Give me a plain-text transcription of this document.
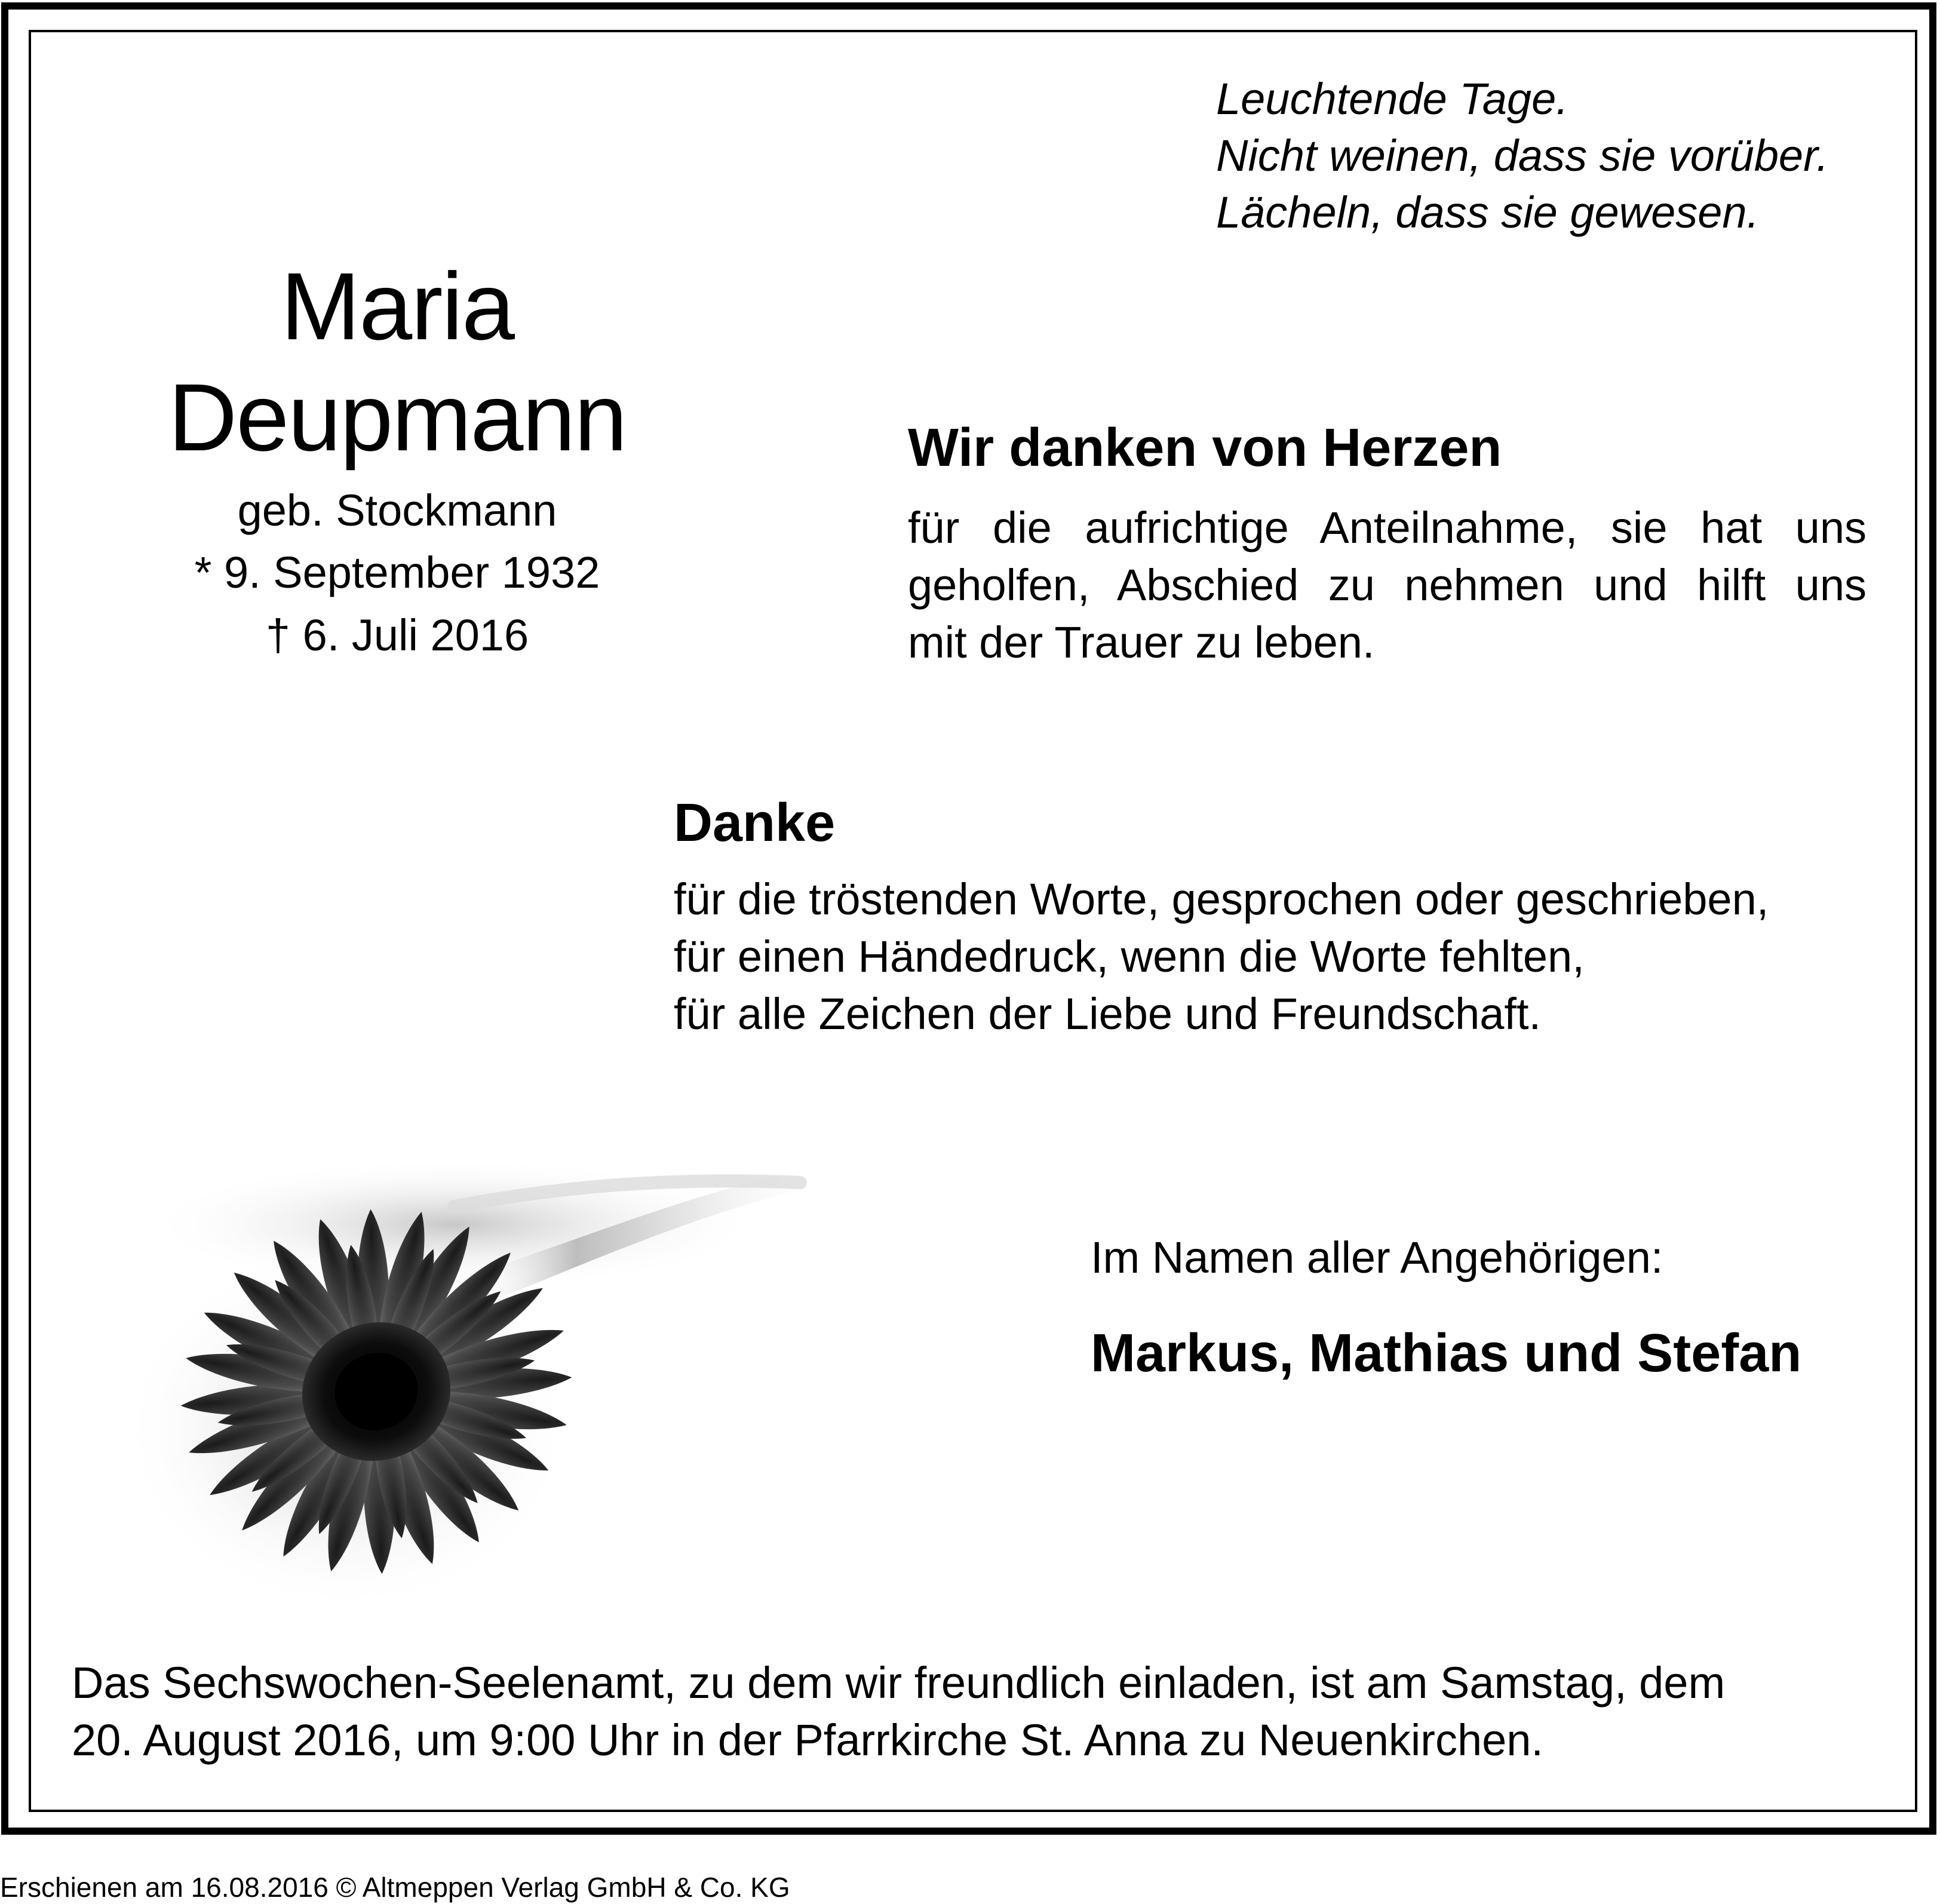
Leuchtende Tage.

Nicht weinen, dass sie vorüber.

Lächeln, dass sie gewesen.

Maria
Deupmann
geb. Stockmann
* 9. September 1932
† 6. Juli 2016
Wir danken von Herzen
für die aufrichtige Anteilnahme, sie hat uns
geholfen, Abschied zu nehmen und hilft uns
mit der Trauer zu leben.
Danke
für die tröstenden Worte, gesprochen oder geschrieben,
für einen Händedruck, wenn die Worte fehlten,
für alle Zeichen der Liebe und Freundschaft.
Im Namen aller Angehörigen:
Markus, Mathias und Stefan
Das Sechswochen-Seelenamt, zu dem wir freundlich einladen, ist am Samstag, dem
20. August 2016, um 9:00 Uhr in der Pfarrkirche St. Anna zu Neuenkirchen.
Erschienen am 16.08.2016 © Altmeppen Verlag GmbH & Co. KG
